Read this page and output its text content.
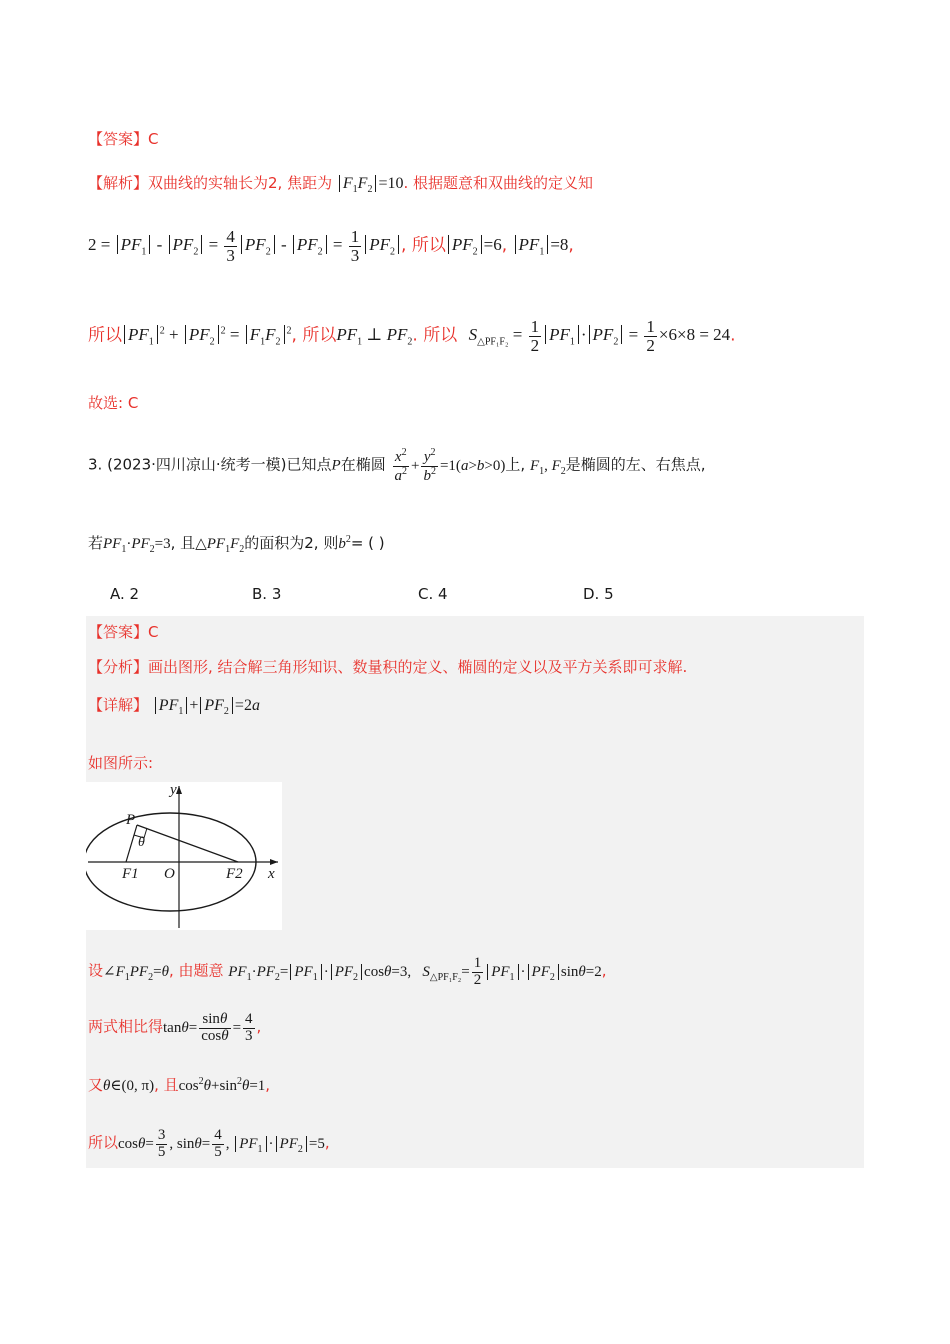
【答案】C
【解析】双曲线的实轴长为2, 焦距为 $F_1F_2 =10$. 根据题意和双曲线的定义知
$2 = PF_1 - PF_2 = \frac{4}{3} PF_2 - PF_2 = \frac{1}{3} PF_2$ , 所以 $PF_2 =6$, $PF_1 =8$,
所以 $PF_1^2 + PF_2^2 = F_1F_2^2$, 所以$PF_1$ ⊥ $PF_2$. 所以 $S_{\triangle PF_1F_2} = \frac{1}{2} PF_1 \cdot PF_2 = \frac{1}{2} \times 6\times 8 = 24$.
故选: C
3. (2023·四川凉山·统考一模)已知点P在椭圆 $\frac{x^2}{a^2} + \frac{y^2}{b^2} =1(a>b>0)$上, $F_1$, $F_2$是椭圆的左、右焦点,
若$PF_1\cdot PF_2=3$, 且$\triangle PF_1F_2$的面积为2, 则$b^2=$ ( )
A. 2	B. 3	C. 4	D. 5
【答案】C
【分析】画出图形, 结合解三角形知识、数量积的定义、椭圆的定义以及平方关系即可求解.
【详解】 $PF_1 + PF_2 =2a$
如图所示:
y
P
θ
F1 O	F2 x
设$\angle F_1PF_2=\theta$, 由题意 $PF_1\cdot PF_2= PF_1 \cdot PF_2$ cosθ=3,   $S_{\triangle PF_1F_2}= \frac{1}{2} PF_1 \cdot PF_2$ sinθ=2,
两式相比得$\tan\theta= \frac{\sin\theta}{\cos\theta} = \frac{4}{3}$ ,
又θ∈(0, π), 且$\cos^2\theta+\sin^2\theta=1$,
所以$\cos\theta= \frac{3}{5}$ , $\sin\theta= \frac{4}{5}$ , $PF_1 \cdot PF_2 =5$,
